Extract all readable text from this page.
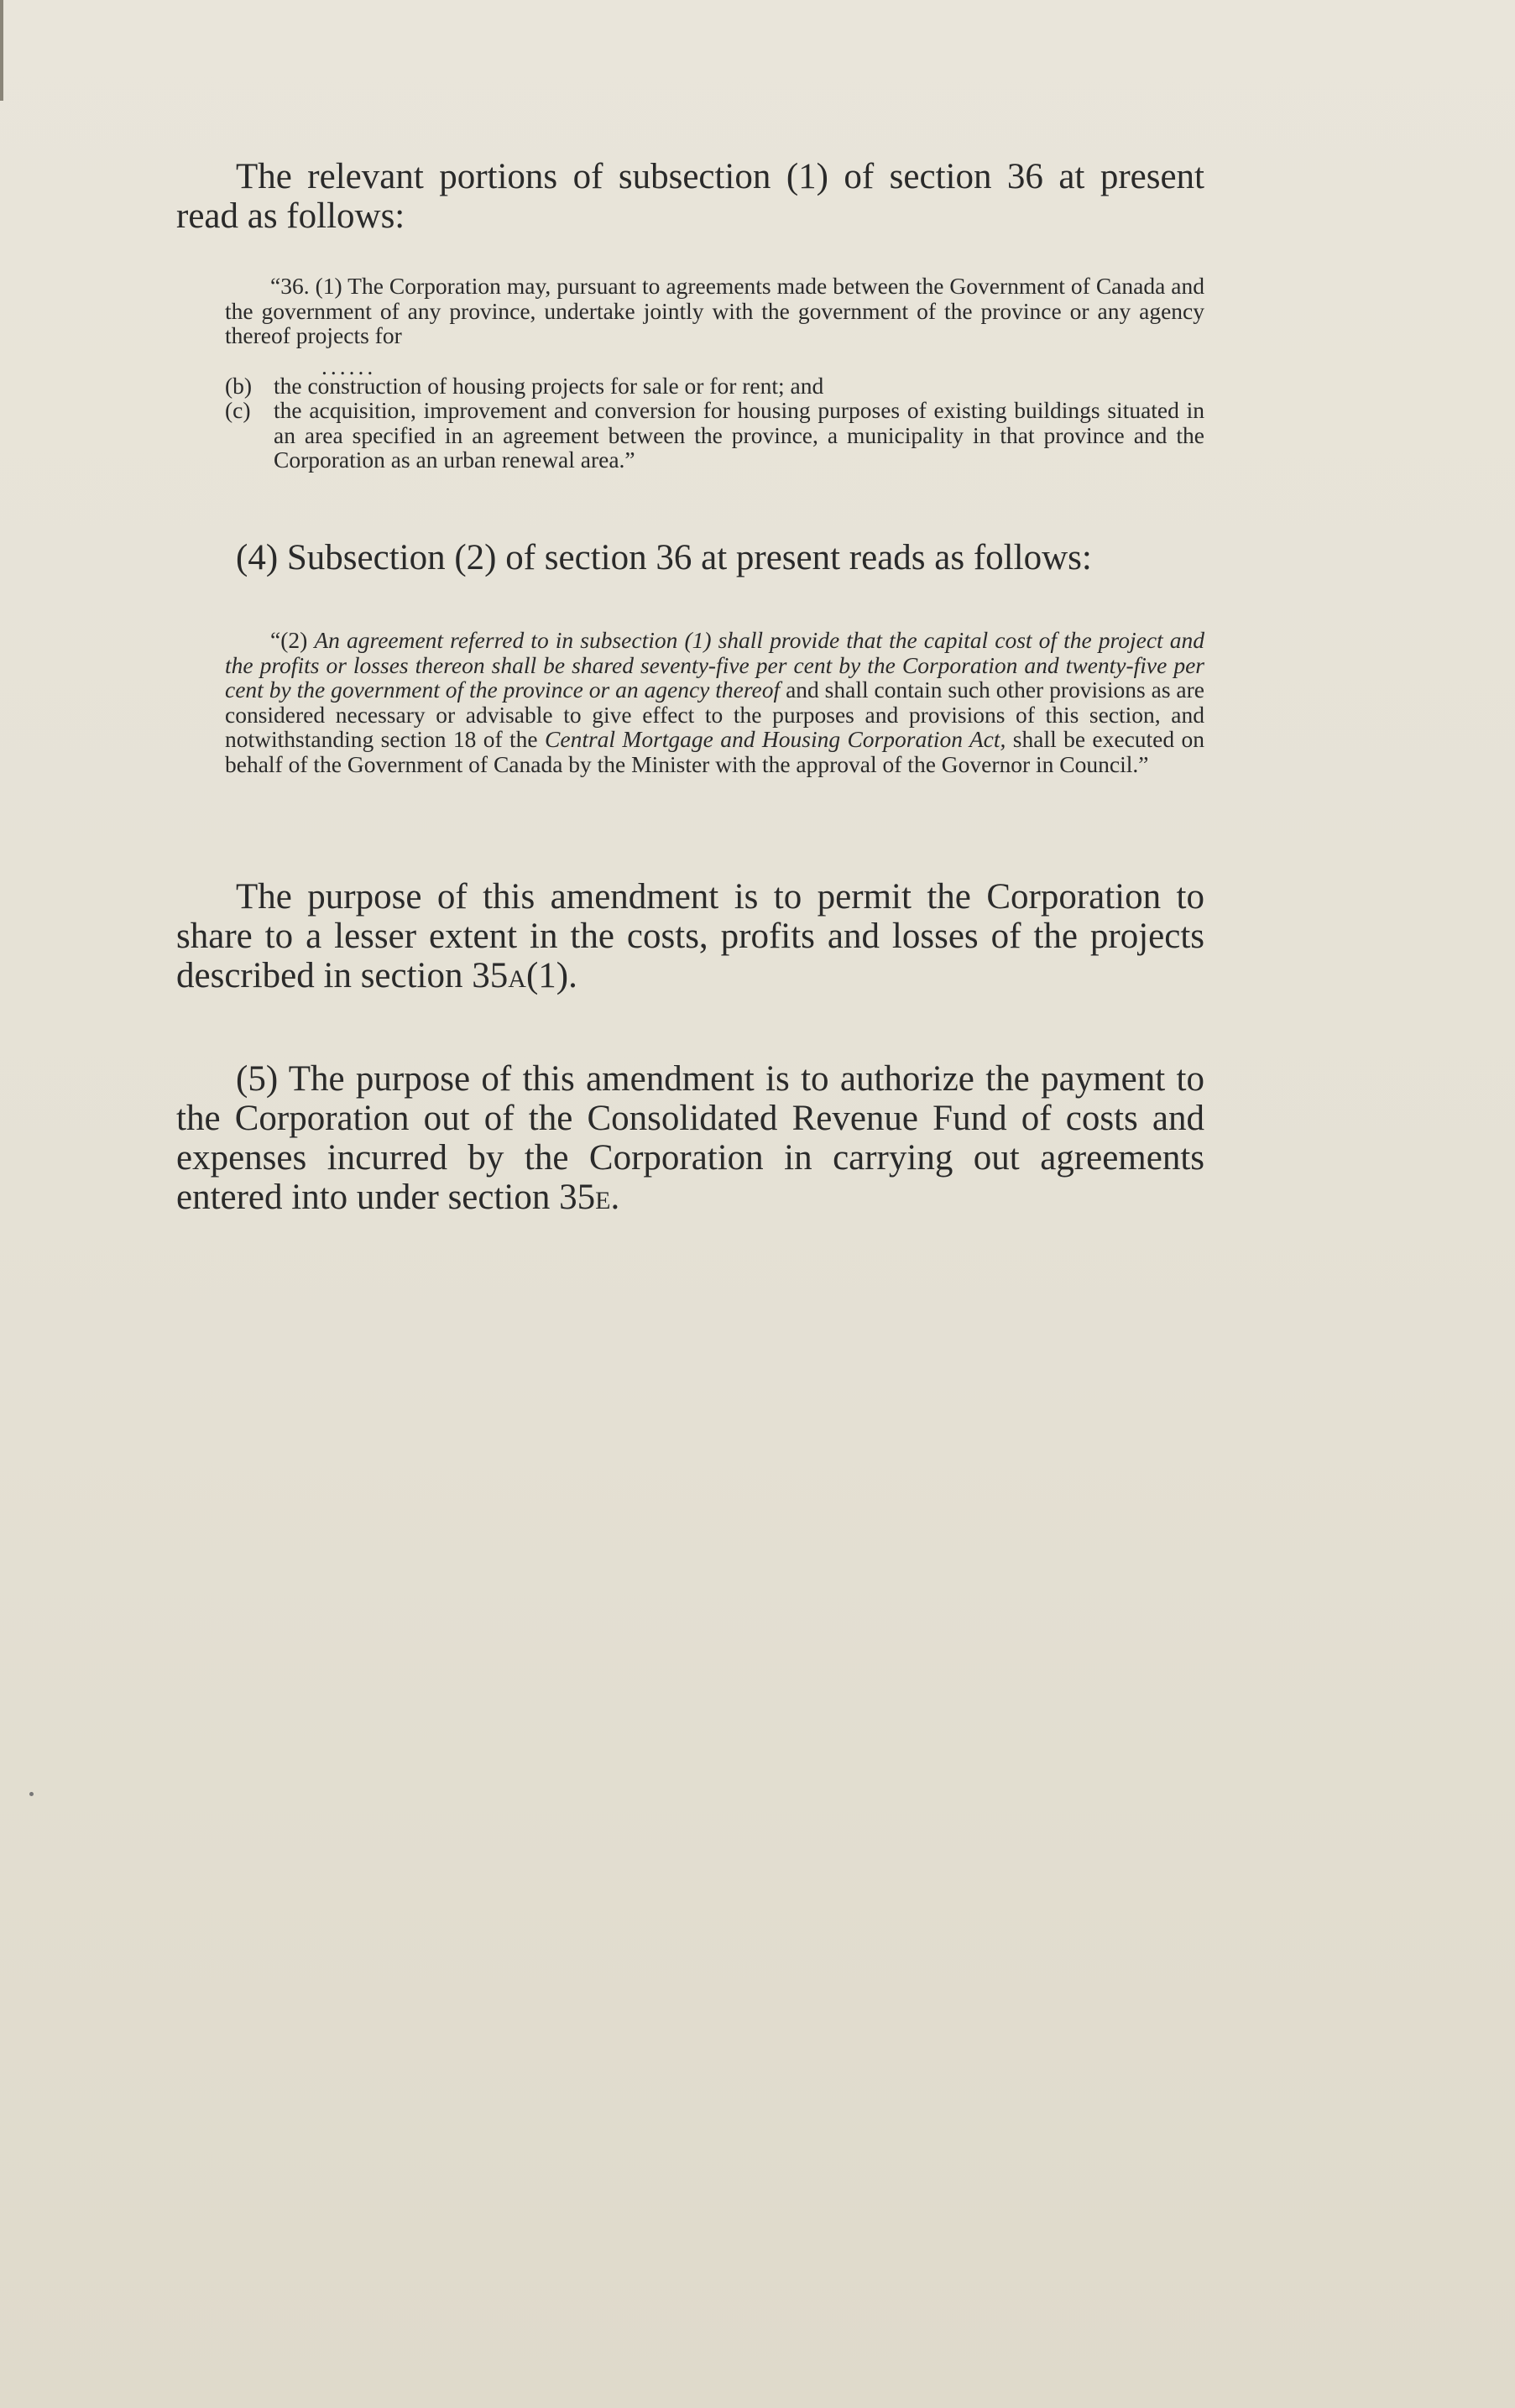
The relevant portions of subsection (1) of section 36 at present read as follows:

“36. (1) The Corporation may, pursuant to agreements made between the Government of Canada and the government of any province, undertake jointly with the government of the province or any agency thereof projects for

......
(b) the construction of housing projects for sale or for rent; and
(c) the acquisition, improvement and conversion for housing purposes of existing buildings situated in an area specified in an agreement between the province, a municipality in that province and the Corporation as an urban renewal area.”

(4) Subsection (2) of section 36 at present reads as follows:

“(2) An agreement referred to in subsection (1) shall provide that the capital cost of the project and the profits or losses thereon shall be shared seventy-five per cent by the Corporation and twenty-five per cent by the government of the province or an agency thereof and shall contain such other provisions as are considered necessary or advisable to give effect to the purposes and provisions of this section, and notwithstanding section 18 of the Central Mortgage and Housing Corporation Act, shall be executed on behalf of the Government of Canada by the Minister with the approval of the Governor in Council.”

The purpose of this amendment is to permit the Corporation to share to a lesser extent in the costs, profits and losses of the projects described in section 35a(1).

(5) The purpose of this amendment is to authorize the payment to the Corporation out of the Consolidated Revenue Fund of costs and expenses incurred by the Corporation in carrying out agreements entered into under section 35e.
